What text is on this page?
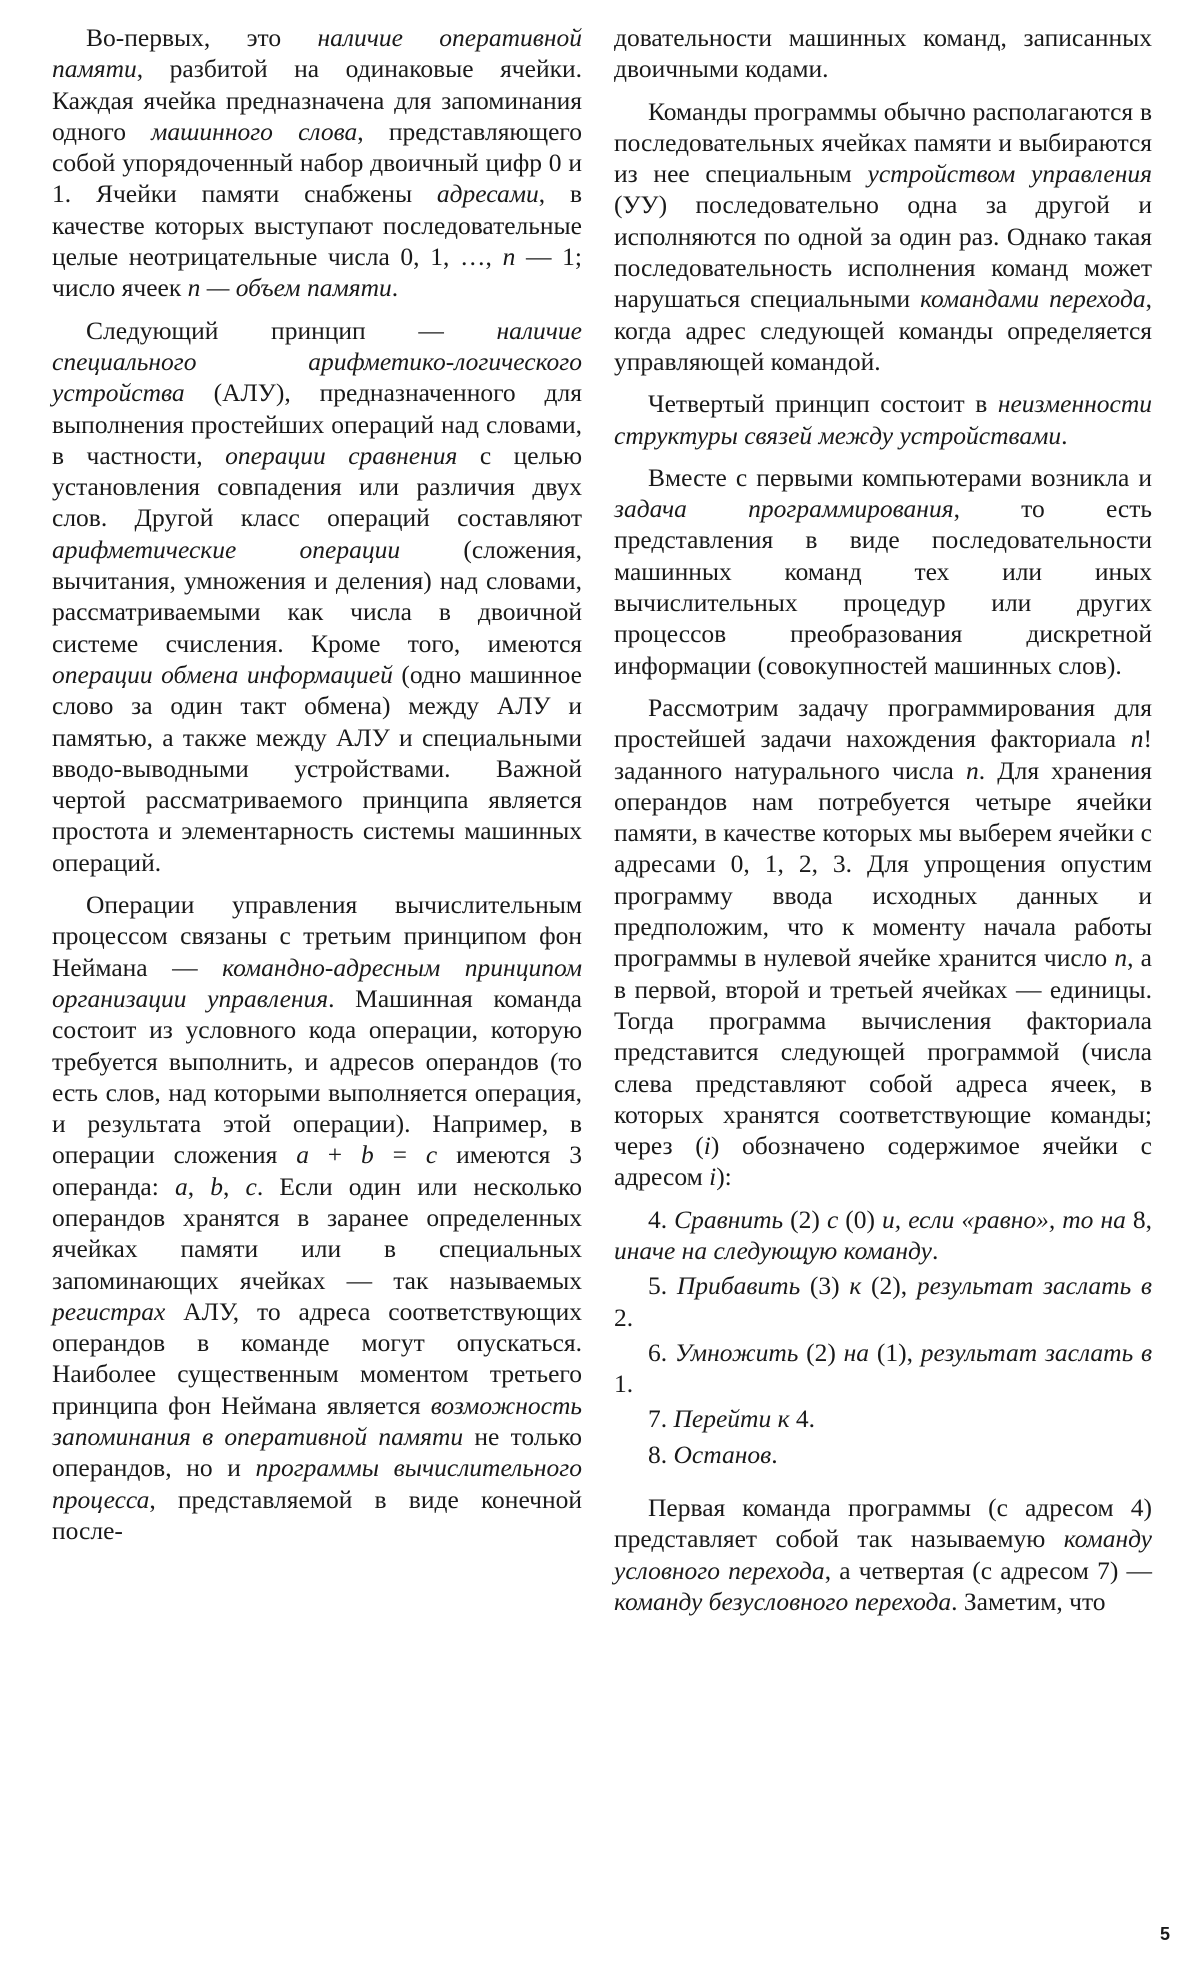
Во-первых, это наличие оперативной памяти, разбитой на одинаковые ячейки. Каждая ячейка предназначена для запоминания одного машинного слова, представляющего собой упорядоченный набор двоичный цифр 0 и 1. Ячейки памяти снабжены адресами, в качестве которых выступают последовательные целые неотрицательные числа 0, 1, …, n — 1; число ячеек n — объем памяти.

Следующий принцип — наличие специального арифметико-логического устройства (АЛУ), предназначенного для выполнения простейших операций над словами, в частности, операции сравнения с целью установления совпадения или различия двух слов. Другой класс операций составляют арифметические операции (сложения, вычитания, умножения и деления) над словами, рассматриваемыми как числа в двоичной системе счисления. Кроме того, имеются операции обмена информацией (одно машинное слово за один такт обмена) между АЛУ и памятью, а также между АЛУ и специальными вводо-выводными устройствами. Важной чертой рассматриваемого принципа является простота и элементарность системы машинных операций.

Операции управления вычислительным процессом связаны с третьим принципом фон Неймана — командно-адресным принципом организации управления. Машинная команда состоит из условного кода операции, которую требуется выполнить, и адресов операндов (то есть слов, над которыми выполняется операция, и результата этой операции). Например, в операции сложения a + b = c имеются 3 операнда: a, b, c. Если один или несколько операндов хранятся в заранее определенных ячейках памяти или в специальных запоминающих ячейках — так называемых регистрах АЛУ, то адреса соответствующих операндов в команде могут опускаться. Наиболее существенным моментом третьего принципа фон Неймана является возможность запоминания в оперативной памяти не только операндов, но и программы вычислительного процесса, представляемой в виде конечной после-

довательности машинных команд, записанных двоичными кодами.

Команды программы обычно располагаются в последовательных ячейках памяти и выбираются из нее специальным устройством управления (УУ) последовательно одна за другой и исполняются по одной за один раз. Однако такая последовательность исполнения команд может нарушаться специальными командами перехода, когда адрес следующей команды определяется управляющей командой.

Четвертый принцип состоит в неизменности структуры связей между устройствами.

Вместе с первыми компьютерами возникла и задача программирования, то есть представления в виде последовательности машинных команд тех или иных вычислительных процедур или других процессов преобразования дискретной информации (совокупностей машинных слов).

Рассмотрим задачу программирования для простейшей задачи нахождения факториала n! заданного натурального числа n. Для хранения операндов нам потребуется четыре ячейки памяти, в качестве которых мы выберем ячейки с адресами 0, 1, 2, 3. Для упрощения опустим программу ввода исходных данных и предположим, что к моменту начала работы программы в нулевой ячейке хранится число n, а в первой, второй и третьей ячейках — единицы. Тогда программа вычисления факториала представится следующей программой (числа слева представляют собой адреса ячеек, в которых хранятся соответствующие команды; через (i) обозначено содержимое ячейки с адресом i):

4. Сравнить (2) с (0) и, если «равно», то на 8, иначе на следующую команду.
5. Прибавить (3) к (2), результат заслать в 2.
6. Умножить (2) на (1), результат заслать в 1.
7. Перейти к 4.
8. Останов.

Первая команда программы (с адресом 4) представляет собой так называемую команду условного перехода, а четвертая (с адресом 7) — команду безусловного перехода. Заметим, что

5
